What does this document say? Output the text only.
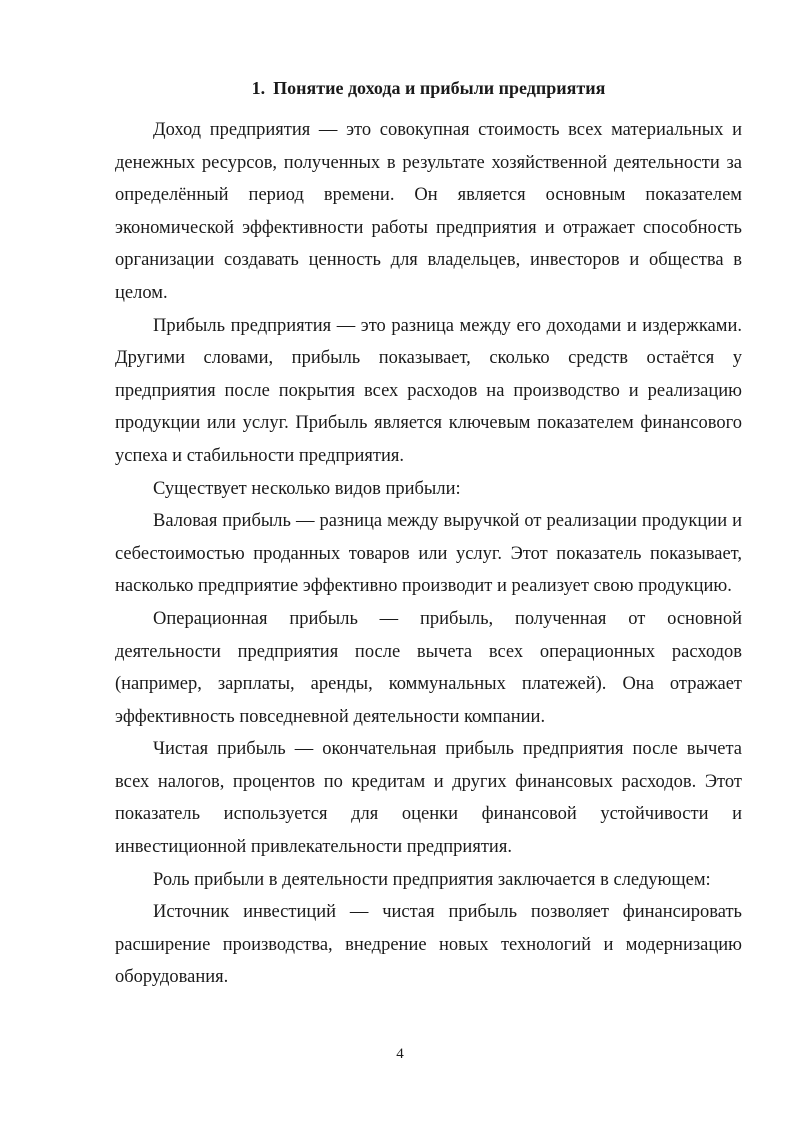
1. Понятие дохода и прибыли предприятия

Доход предприятия — это совокупная стоимость всех материальных и денежных ресурсов, полученных в результате хозяйственной деятельности за определённый период времени. Он является основным показателем экономической эффективности работы предприятия и отражает способность организации создавать ценность для владельцев, инвесторов и общества в целом.

Прибыль предприятия — это разница между его доходами и издержками. Другими словами, прибыль показывает, сколько средств остаётся у предприятия после покрытия всех расходов на производство и реализацию продукции или услуг. Прибыль является ключевым показателем финансового успеха и стабильности предприятия.

Существует несколько видов прибыли:

Валовая прибыль — разница между выручкой от реализации продукции и себестоимостью проданных товаров или услуг. Этот показатель показывает, насколько предприятие эффективно производит и реализует свою продукцию.

Операционная прибыль — прибыль, полученная от основной деятельности предприятия после вычета всех операционных расходов (например, зарплаты, аренды, коммунальных платежей). Она отражает эффективность повседневной деятельности компании.

Чистая прибыль — окончательная прибыль предприятия после вычета всех налогов, процентов по кредитам и других финансовых расходов. Этот показатель используется для оценки финансовой устойчивости и инвестиционной привлекательности предприятия.

Роль прибыли в деятельности предприятия заключается в следующем:

Источник инвестиций — чистая прибыль позволяет финансировать расширение производства, внедрение новых технологий и модернизацию оборудования.

4
